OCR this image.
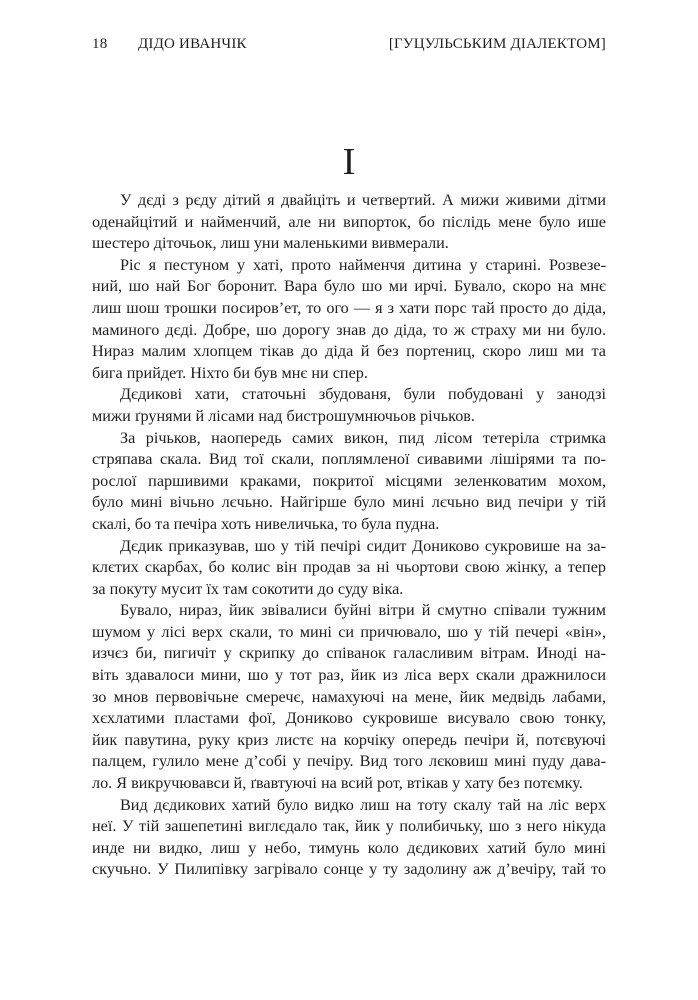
18 ДІДО ИВАНЧІК	[ГУЦУЛЬСЬКИМ ДІАЛЕКТОМ]
I

У дєді з рєду дітий я двайціть и четвертий. А мижи живими дітми
оденайцітий и найменчий, але ни випорток, бо післідь мене було ише
шестеро діточьок, лиш уни маленькими вивмерали.

Ріс я пестуном у хаті, прото найменчя дитина у старині. Розвезе-
ний, шо най Бог боронит. Вара було шо ми ирчі. Бувало, скоро на мнє
лиш шош трошки посиров’ет, то ого — я з хати порс тай просто до діда,
маминого дєді. Добре, шо дорогу знав до діда, то ж страху ми ни було.
Нираз малим хлопцем тікав до діда й без портениц, скоро лиш ми та
бига прийдет. Ніхто би був мнє ни спер.

Дєдикові хати, статочьні збудованя, були побудовані у занодзі
мижи ґрунями й лісами над бистрошумнючьов річьков.

За річьков, наопередь самих викон, пид лісом тетеріла стримка
стряпава скала. Вид тої скали, поплямленої сивавими лішірями та по-
рослої паршивими краками, покритої місцями зеленковатим мохом,
було мині вічьно лєчьно. Найгірше було мині лєчьно вид печіри у тій
скалі, бо та печіра хоть нивеличька, то була пудна.

Дєдик приказував, шо у тій печірі сидит Дониково сукровише на за-
клєтих скарбах, бо колис він продав за ні чьортови свою жінку, а тепер
за покуту мусит їх там сокотити до суду віка.

Бувало, нираз, йик звівалиси буйні вітри й смутно співали тужним
шумом у лісі верх скали, то мині си причювало, шо у тій печері «він»,
изчєз би, пигичіт у скрипку до співанок галасливим вітрам. Иноді на-
віть здавалоси мини, шо у тот раз, йик из ліса верх скали дражнилоси
зо мнов первовічьне смеречє, намахуючі на мене, йик медвідь лабами,
хєхлатими пластами фої, Дониково сукровише висувало свою тонку,
йик павутина, руку криз листє на корчіку опередь печіри й, потєвуючі
палцем, гулило мене д’собі у печіру. Вид того лєковиш мині пуду дава-
ло. Я викручювавси й, ґвавтуючі на всий рот, втікав у хату без потємку.

Вид дєдикових хатий було видко лиш на тоту скалу тай на ліс верх
неї. У тій зашепетині виглєдало так, йик у полибичьку, шо з него нікуда
инде ни видко, лиш у небо, тимунь коло дєдикових хатий було мині
скучьно. У Пилипівку загрівало сонце у ту задолину аж д’вечіру, тай то
